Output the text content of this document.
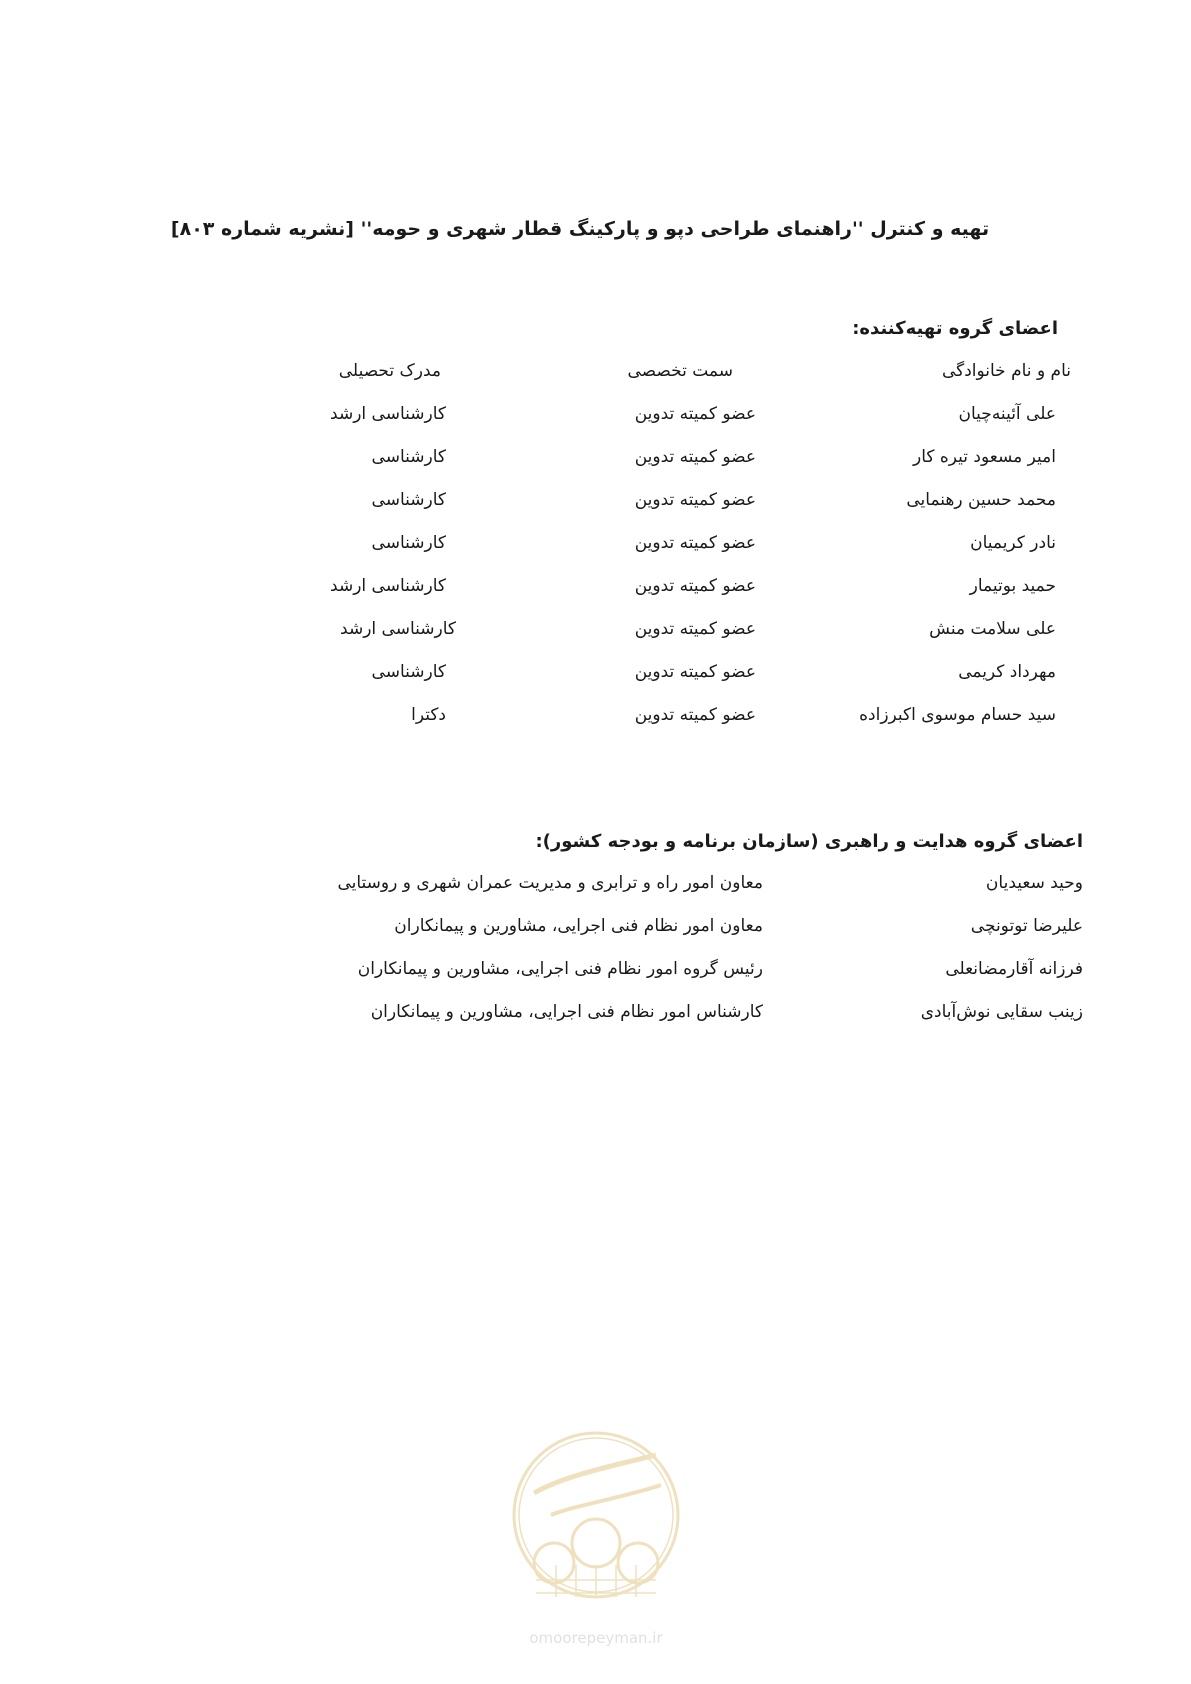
تهیه و کنترل ''راهنمای طراحی دپو و پارکینگ قطار شهری و حومه'' [نشریه شماره ۸۰۳]
اعضای گروه تهیه‌کننده:
نام و نام خانوادگی
سمت تخصصی
مدرک تحصیلی
علی آئینه‌چیان
عضو کمیته تدوین
کارشناسی ارشد
امیر مسعود تیره کار
عضو کمیته تدوین
کارشناسی
محمد حسین رهنمایی
عضو کمیته تدوین
کارشناسی
نادر کریمیان
عضو کمیته تدوین
کارشناسی
حمید بوتیمار
عضو کمیته تدوین
کارشناسی ارشد
علی سلامت منش
عضو کمیته تدوین
کارشناسی ارشد
مهرداد کریمی
عضو کمیته تدوین
کارشناسی
سید حسام موسوی اکبرزاده
عضو کمیته تدوین
دکترا
اعضای گروه هدایت و راهبری (سازمان برنامه و بودجه کشور):
وحید سعیدیان
معاون امور راه و ترابری و مدیریت عمران شهری و روستایی
علیرضا توتونچی
معاون امور نظام فنی اجرایی، مشاورین و پیمانکاران
فرزانه آقارمضانعلی
رئیس گروه امور نظام فنی اجرایی، مشاورین و پیمانکاران
زینب سقایی نوش‌آبادی
کارشناس امور نظام فنی اجرایی، مشاورین و پیمانکاران
omoorepeyman.ir
